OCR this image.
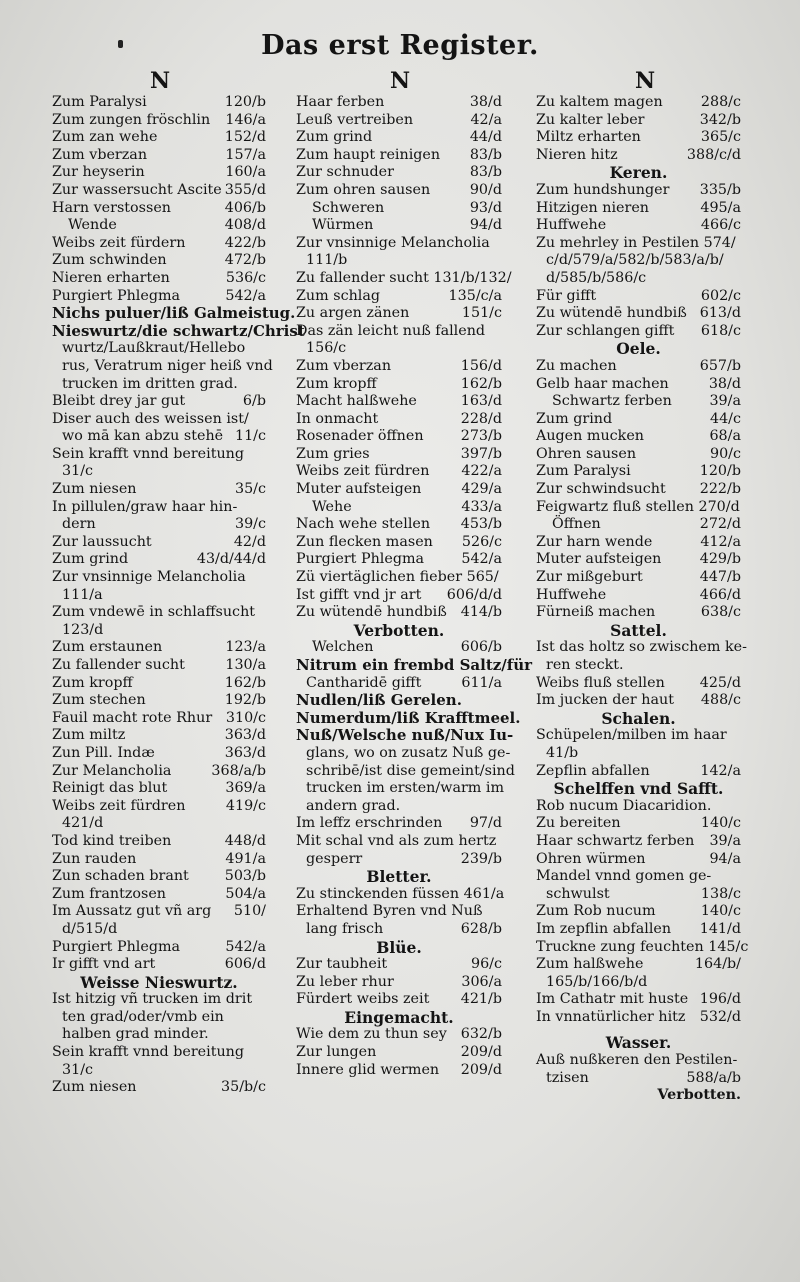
Das erst Register.
N	N	N
Zum Paralysi	120/b
Zum zungen fröschlin 146/a
Zum zan wehe	152/d
Zum vberzan	157/a
Zur heyserin	160/a
Zur wassersucht Ascite 355/d
Harn verstossen	406/b
Wende	408/d
Weibs zeit fürdern	422/b
Zum schwinden	472/b
Nieren erharten	536/c
Purgiert Phlegma	542/a
Nichs puluer/liß Galmeistug.
Nieswurtz/die schwartz/Christ
wurtz/Laußkraut/Hellebo
rus, Veratrum niger heiß vnd
trucken im dritten grad.
Bleibt drey jar gut	6/b
Diser auch des weissen ist/
wo mā kan abzu stehē 11/c
Sein krafft vnnd bereitung
31/c
Zum niesen	35/c
In pillulen/graw haar hin-
dern	39/c
Zur laussucht	42/d
Zum grind	43/d/44/d
Zur vnsinnige Melancholia
111/a
Zum vndewē in schlaffsucht
123/d
Zum erstaunen	123/a
Zu fallender sucht	130/a
Zum kropff	162/b
Zum stechen	192/b
Fauil macht rote Rhur 310/c
Zum miltz	363/d
Zun Pill. Indæ	363/d
Zur Melancholia	368/a/b
Reinigt das blut	369/a
Weibs zeit fürdren	419/c
421/d
Tod kind treiben	448/d
Zun rauden	491/a
Zun schaden brant	503/b
Zum frantzosen	504/a
Im Aussatz gut vñ arg 510/
d/515/d
Purgiert Phlegma	542/a
Ir gifft vnd art	606/d
Weisse Nieswurtz.
Ist hitzig vñ trucken im drit
ten grad/oder/vmb ein
halben grad minder.
Sein krafft vnnd bereitung
31/c
Zum niesen	35/b/c
Haar ferben	38/d
Leuß vertreiben	42/a
Zum grind	44/d
Zum haupt reinigen 83/b
Zur schnuder	83/b
Zum ohren sausen	90/d
Schweren	93/d
Würmen	94/d
Zur vnsinnige Melancholia
111/b
Zu fallender sucht 131/b/132/
Zum schlag	135/c/a
Zu argen zänen	151/c
Das zän leicht nuß fallend
156/c
Zum vberzan	156/d
Zum kropff	162/b
Macht halßwehe	163/d
In onmacht	228/d
Rosenader öffnen	273/b
Zum gries	397/b
Weibs zeit fürdren 422/a
Muter aufsteigen	429/a
Wehe	433/a
Nach wehe stellen 453/b
Zun flecken masen 526/c
Purgiert Phlegma	542/a
Zü viertäglichen fieber 565/
Ist gifft vnd jr art 606/d/d
Zu wütendē hundbiß 414/b
Verbotten.
Welchen	606/b
Nitrum ein frembd Saltz/für
Cantharidē gifft	611/a
Nudlen/liß Gerelen.
Numerdum/liß Krafftmeel.
Nuß/Welsche nuß/Nux Iu-
glans, wo on zusatz Nuß ge-
schribē/ist dise gemeint/sind
trucken im ersten/warm im
andern grad.
Im leffz erschrinden 97/d
Mit schal vnd als zum hertz
gesperr	239/b
Bletter.
Zu stinckenden füssen 461/a
Erhaltend Byren vnd Nuß
lang frisch	628/b
Blüe.
Zur taubheit	96/c
Zu leber rhur	306/a
Fürdert weibs zeit 421/b
Eingemacht.
Wie dem zu thun sey 632/b
Zur lungen	209/d
Innere glid wermen 209/d
Zu kaltem magen	288/c
Zu kalter leber	342/b
Miltz erharten	365/c
Nieren hitz	388/c/d
Keren.
Zum hundshunger 335/b
Hitzigen nieren	495/a
Huffwehe	466/c
Zu mehrley in Pestilen 574/
c/d/579/a/582/b/583/a/b/
d/585/b/586/c
Für gifft	602/c
Zu wütendē hundbiß 613/d
Zur schlangen gifft 618/c
Oele.
Zu machen	657/b
Gelb haar machen	38/d
Schwartz ferben	39/a
Zum grind	44/c
Augen mucken	68/a
Ohren sausen	90/c
Zum Paralysi	120/b
Zur schwindsucht 222/b
Feigwartz fluß stellen 270/d
Öffnen	272/d
Zur harn wende	412/a
Muter aufsteigen	429/b
Zur mißgeburt	447/b
Huffwehe	466/d
Fürneiß machen	638/c
Sattel.
Ist das holtz so zwischem ke-
ren steckt.
Weibs fluß stellen 425/d
Im jucken der haut 488/c
Schalen.
Schüpelen/milben im haar
41/b
Zepflin abfallen	142/a
Schelffen vnd Safft.
Rob nucum Diacaridion.
Zu bereiten	140/c
Haar schwartz ferben 39/a
Ohren würmen	94/a
Mandel vnnd gomen ge-
schwulst	138/c
Zum Rob nucum	140/c
Im zepflin abfallen 141/d
Truckne zung feuchten 145/c
Zum halßwehe	164/b/
165/b/166/b/d
Im Cathatr mit huste 196/d
In vnnatürlicher hitz 532/d
Wasser.
Auß nußkeren den Pestilen-
tzisen	588/a/b
Verbotten.
